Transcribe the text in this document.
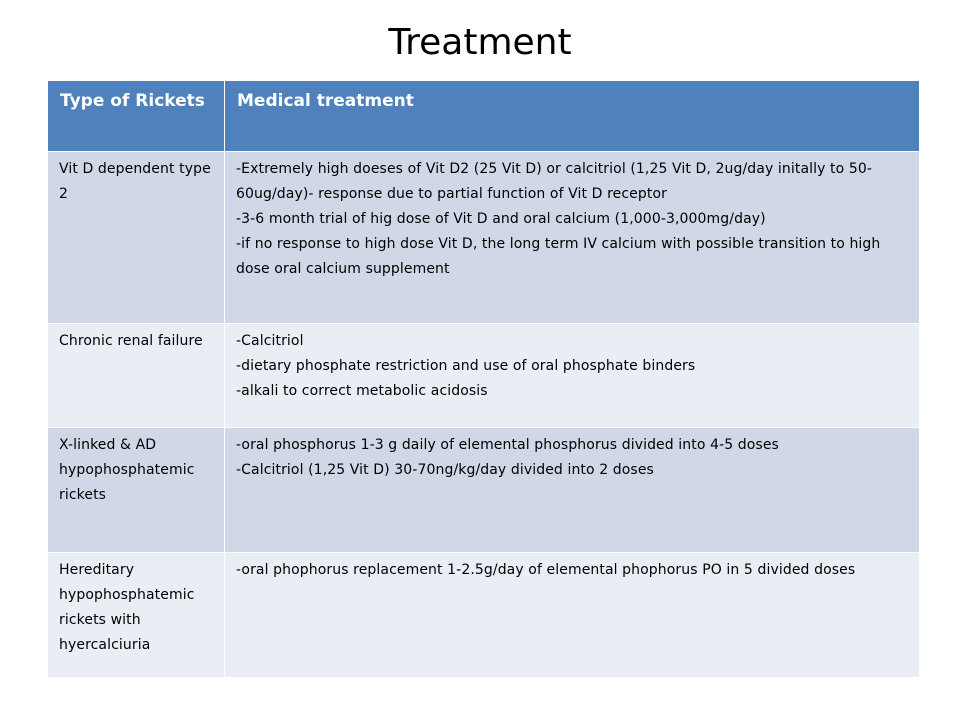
Treatment
Type of Rickets	Medical treatment
Vit D dependent type 2	-Extremely high doeses of Vit D2 (25 Vit D) or calcitriol (1,25 Vit D, 2ug/day initally to 50-60ug/day)- response due to partial function of Vit D receptor
-3-6 month trial of hig dose of Vit D and oral calcium (1,000-3,000mg/day)
-if no response to high dose Vit D, the long term IV calcium with possible transition to high dose oral calcium supplement

Chronic renal failure	-Calcitriol
-dietary phosphate restriction and use of oral phosphate binders
-alkali to correct metabolic acidosis

X-linked & AD hypophosphatemic rickets	-oral phosphorus 1-3 g daily of elemental phosphorus divided into 4-5 doses
-Calcitriol (1,25 Vit D) 30-70ng/kg/day divided into 2 doses

Hereditary hypophosphatemic rickets with hyercalciuria	-oral phophorus replacement 1-2.5g/day of elemental phophorus PO in 5 divided doses
